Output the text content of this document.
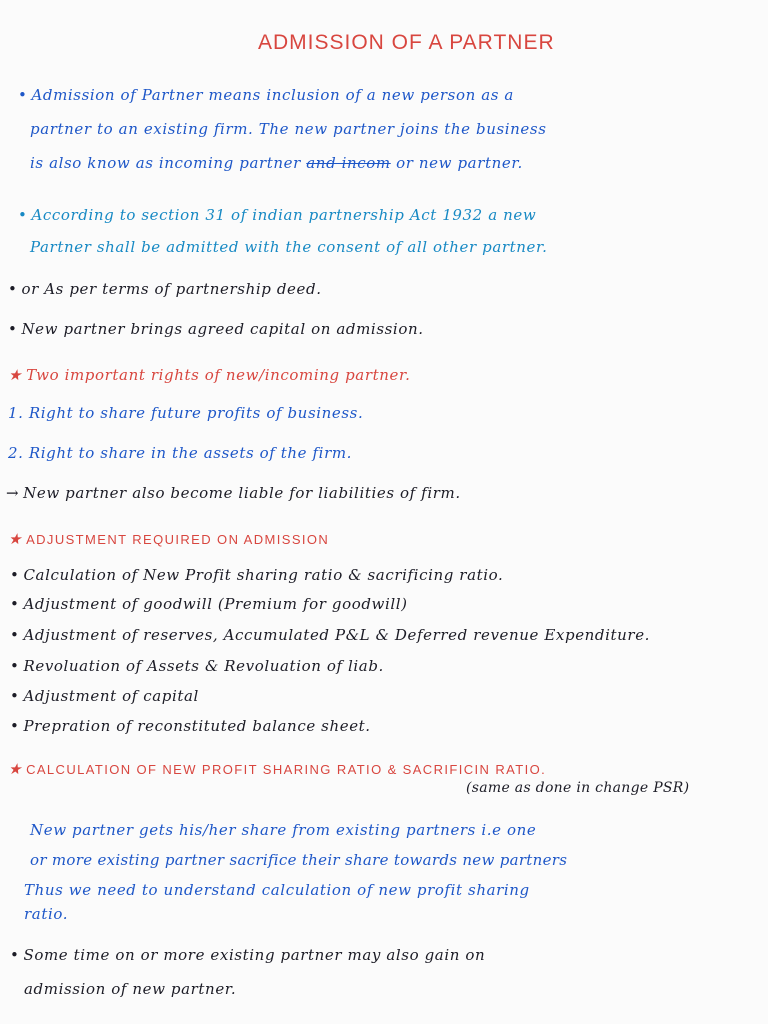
ADMISSION OF A PARTNER
• Admission of Partner means inclusion of a new person as a
partner to an existing firm. The new partner joins the business
is also know as incoming partner and incom or new partner.
• According to section 31 of indian partnership Act 1932 a new
Partner shall be admitted with the consent of all other partner.
• or As per terms of partnership deed.
• New partner brings agreed capital on admission.
★ Two important rights of new/incoming partner.
1. Right to share future profits of business.
2. Right to share in the assets of the firm.
→ New partner also become liable for liabilities of firm.
★ ADJUSTMENT REQUIRED ON ADMISSION
• Calculation of New Profit sharing ratio & sacrificing ratio.
• Adjustment of goodwill (Premium for goodwill)
• Adjustment of reserves, Accumulated P&L & Deferred revenue Expenditure.
• Revoluation of Assets & Revoluation of liab.
• Adjustment of capital
• Prepration of reconstituted balance sheet.
★ CALCULATION OF NEW PROFIT SHARING RATIO & SACRIFICIN RATIO.
(same as done in change PSR)
New partner gets his/her share from existing partners i.e one
or more existing partner sacrifice their share towards new partners
Thus we need to understand calculation of new profit sharing
ratio.
• Some time on or more existing partner may also gain on
admission of new partner.
